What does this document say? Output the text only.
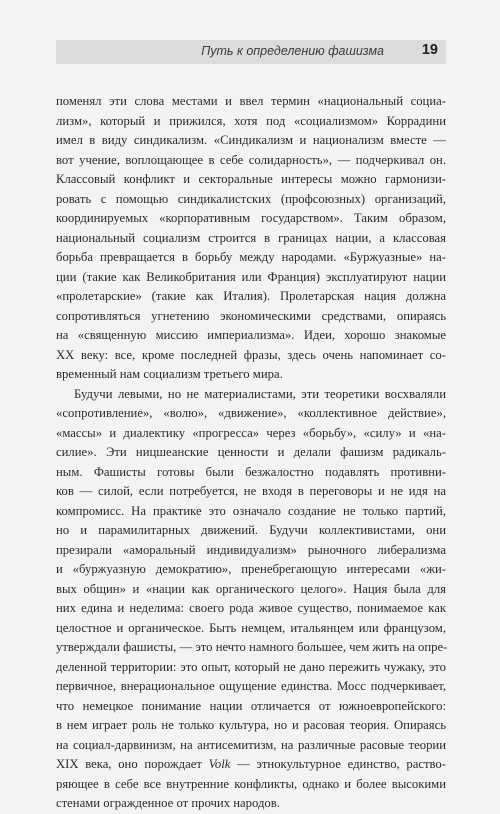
Путь к определению фашизма	19
поменял эти слова местами и ввел термин «национальный социа-
лизм», который и прижился, хотя под «социализмом» Коррадини
имел в виду синдикализм. «Синдикализм и национализм вместе —
вот учение, воплощающее в себе солидарность», — подчеркивал он.
Классовый конфликт и секторальные интересы можно гармонизи-
ровать с помощью синдикалистских (профсоюзных) организаций,
координируемых «корпоративным государством». Таким образом,
национальный социализм строится в границах нации, а классовая
борьба превращается в борьбу между народами. «Буржуазные» на-
ции (такие как Великобритания или Франция) эксплуатируют нации
«пролетарские» (такие как Италия). Пролетарская нация должна
сопротивляться угнетению экономическими средствами, опираясь
на «священную миссию империализма». Идеи, хорошо знакомые
XX веку: все, кроме последней фразы, здесь очень напоминает со-
временный нам социализм третьего мира.
Будучи левыми, но не материалистами, эти теоретики восхваляли
«сопротивление», «волю», «движение», «коллективное действие»,
«массы» и диалектику «прогресса» через «борьбу», «силу» и «на-
силие». Эти ницшеанские ценности и делали фашизм радикаль-
ным. Фашисты готовы были безжалостно подавлять противни-
ков — силой, если потребуется, не входя в переговоры и не идя на
компромисс. На практике это означало создание не только партий,
но и парамилитарных движений. Будучи коллективистами, они
презирали «аморальный индивидуализм» рыночного либерализма
и «буржуазную демократию», пренебрегающую интересами «жи-
вых общин» и «нации как органического целого». Нация была для
них едина и неделима: своего рода живое существо, понимаемое как
целостное и органическое. Быть немцем, итальянцем или французом,
утверждали фашисты, — это нечто намного большее, чем жить на опре-
деленной территории: это опыт, который не дано пережить чужаку, это
первичное, внерациональное ощущение единства. Мосс подчеркивает,
что немецкое понимание нации отличается от южноевропейского:
в нем играет роль не только культура, но и расовая теория. Опираясь
на социал-дарвинизм, на антисемитизм, на различные расовые теории
XIX века, оно порождает Volk — этнокультурное единство, раство-
ряющее в себе все внутренние конфликты, однако и более высокими
стенами огражденное от прочих народов.
